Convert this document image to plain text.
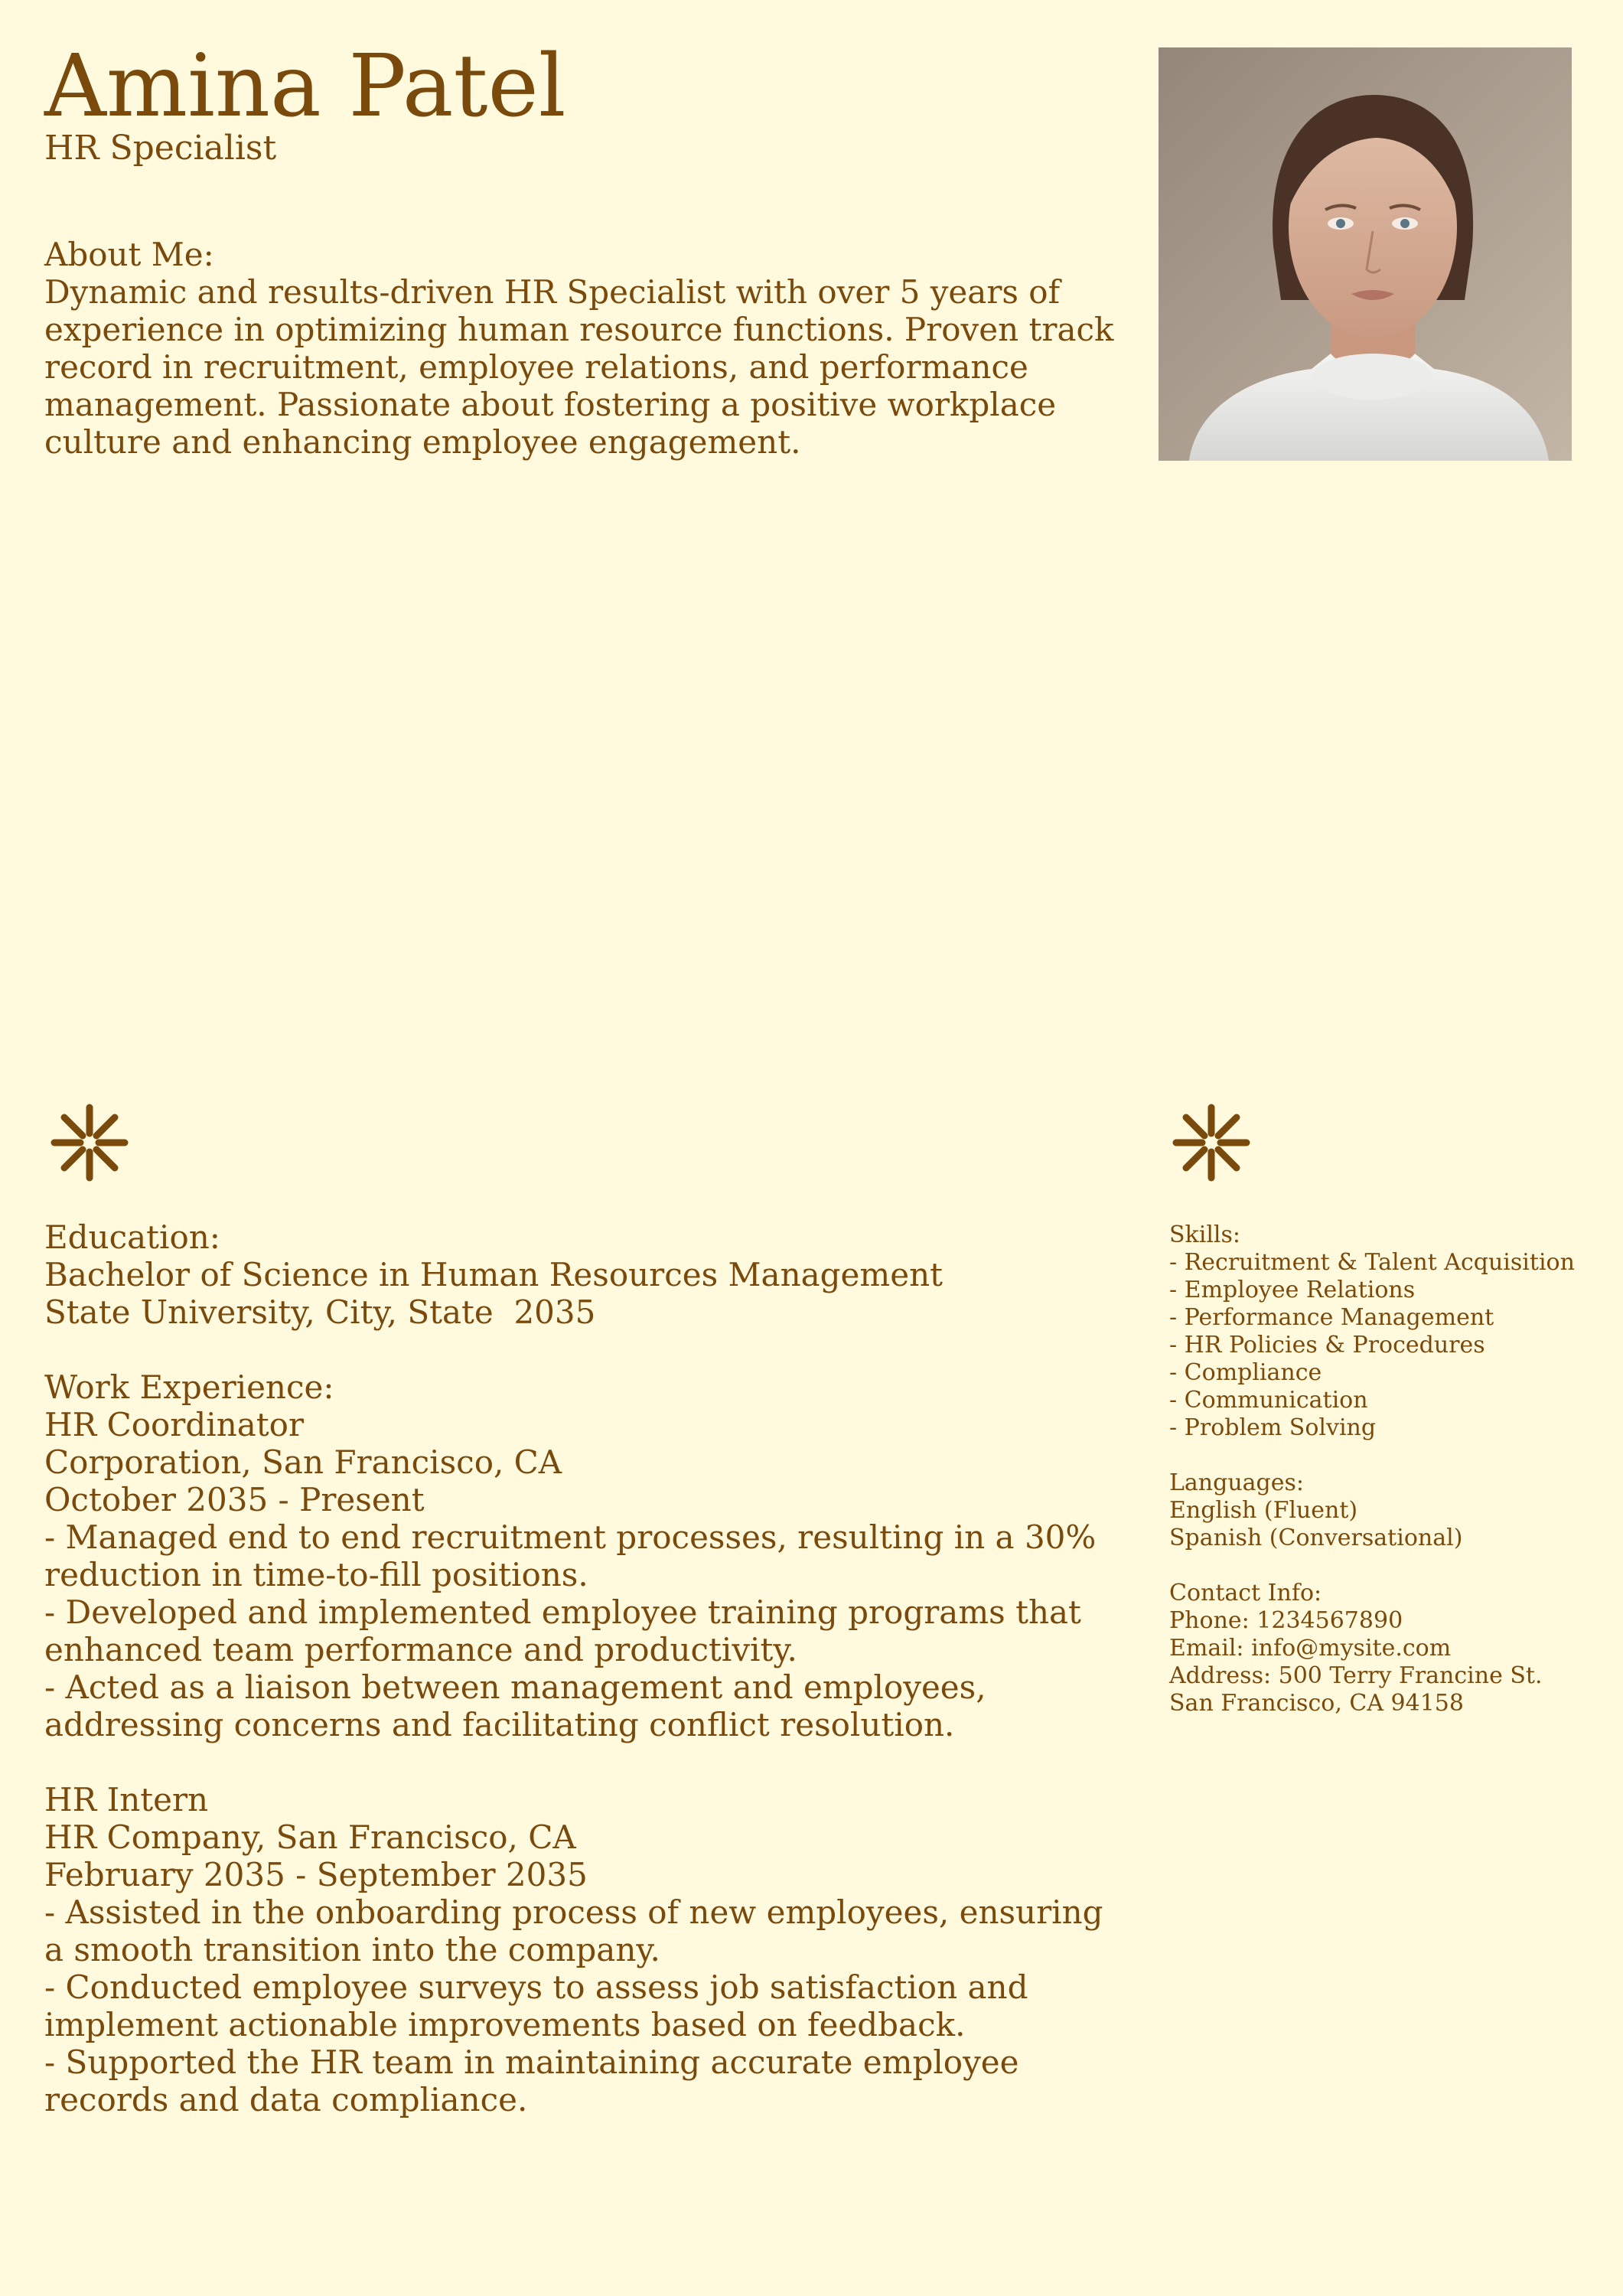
Amina Patel
HR Specialist
About Me:
Dynamic and results-driven HR Specialist with over 5 years of experience in optimizing human resource functions. Proven track record in recruitment, employee relations, and performance management. Passionate about fostering a positive workplace culture and enhancing employee engagement.
Education:
Bachelor of Science in Human Resources Management
State University, City, State  2035
Work Experience:
HR Coordinator
Corporation, San Francisco, CA
October 2035 - Present
- Managed end to end recruitment processes, resulting in a 30% reduction in time-to-fill positions.
- Developed and implemented employee training programs that enhanced team performance and productivity.
- Acted as a liaison between management and employees, addressing concerns and facilitating conflict resolution.
HR Intern
HR Company, San Francisco, CA
February 2035 - September 2035
- Assisted in the onboarding process of new employees, ensuring a smooth transition into the company.
- Conducted employee surveys to assess job satisfaction and implement actionable improvements based on feedback.
- Supported the HR team in maintaining accurate employee records and data compliance.
Skills:
- Recruitment & Talent Acquisition
- Employee Relations
- Performance Management
- HR Policies & Procedures
- Compliance
- Communication
- Problem Solving
Languages:
English (Fluent)
Spanish (Conversational)
Contact Info:
Phone: 1234567890
Email: info@mysite.com
Address: 500 Terry Francine St.
San Francisco, CA 94158
